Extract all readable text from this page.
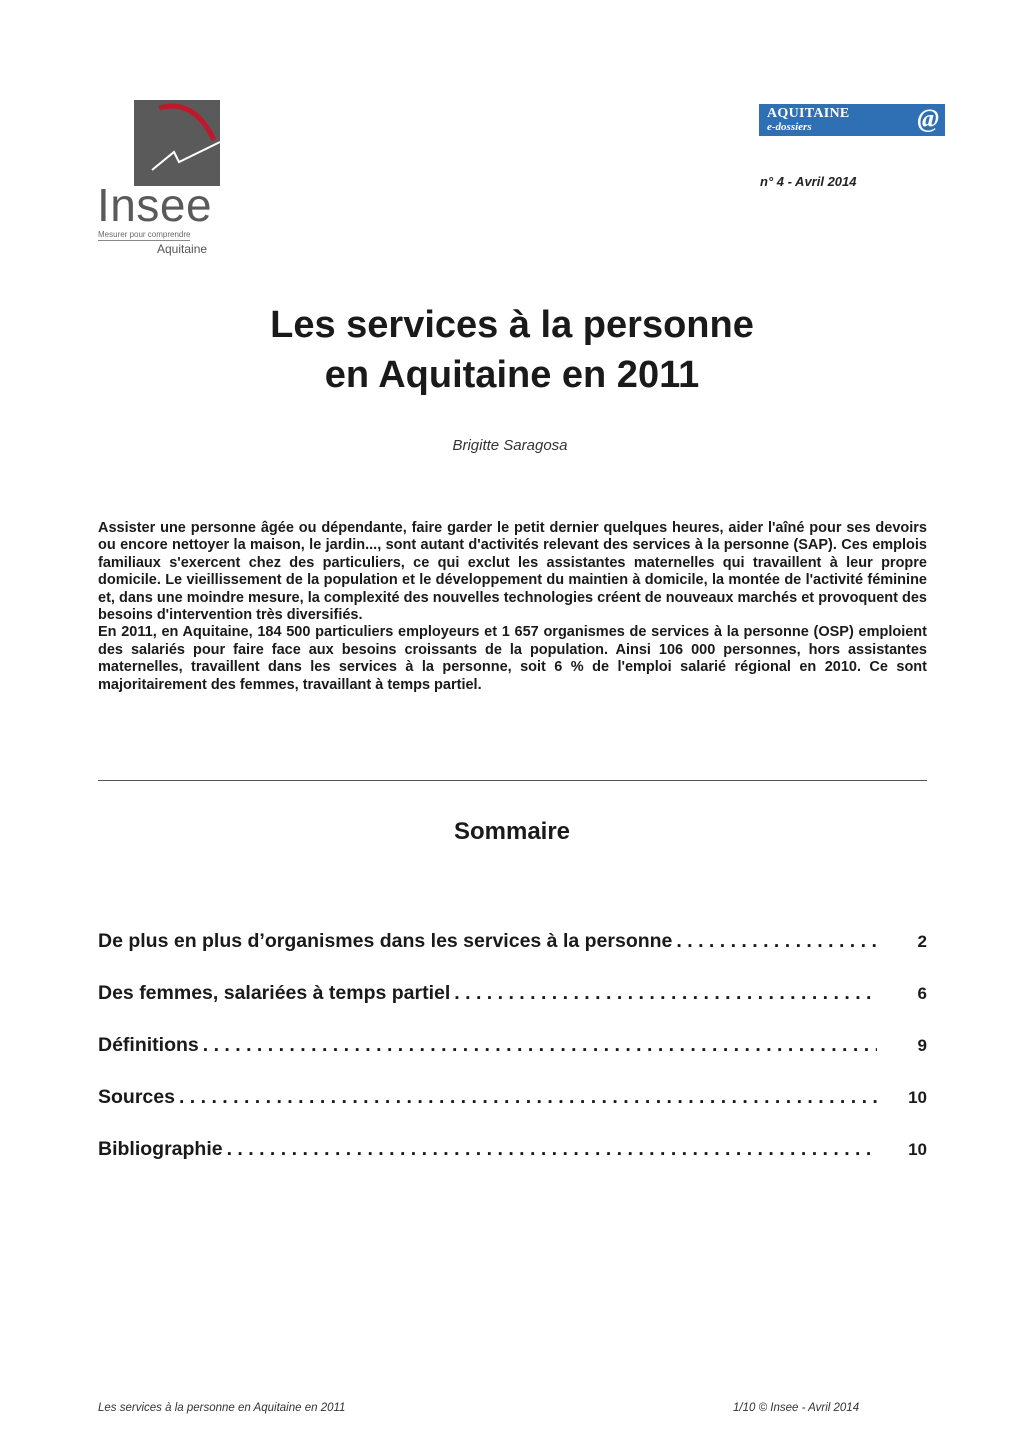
Insee
Mesurer pour comprendre
Aquitaine
AQUITAINE
e-dossiers	@
n° 4 - Avril 2014
Les services à la personne
en Aquitaine en 2011
Brigitte Saragosa

Assister une personne âgée ou dépendante, faire garder le petit dernier quelques heures, aider l'aîné pour ses devoirs ou encore nettoyer la maison, le jardin..., sont autant d'activités relevant des services à la personne (SAP). Ces emplois familiaux s'exercent chez des particuliers, ce qui exclut les assistantes maternelles qui travaillent à leur propre domicile. Le vieillissement de la population et le développement du maintien à domicile, la montée de l'activité féminine et, dans une moindre mesure, la complexité des nouvelles technologies créent de nouveaux marchés et provoquent des besoins d'intervention très diversifiés.

En 2011, en Aquitaine, 184 500 particuliers employeurs et 1 657 organismes de services à la personne (OSP) emploient des salariés pour faire face aux besoins croissants de la population. Ainsi 106 000 personnes, hors assistantes maternelles, travaillent dans les services à la personne, soit 6 % de l'emploi salarié régional en 2010. Ce sont majoritairement des femmes, travaillant à temps partiel.

Sommaire
De plus en plus d’organismes dans les services à la personne . . .	2
Des femmes, salariées à temps partiel . . .	6
Définitions . . .	9
Sources . . .	10
Bibliographie . . .	10
Les services à la personne en Aquitaine en 2011	1/10 © Insee - Avril 2014
